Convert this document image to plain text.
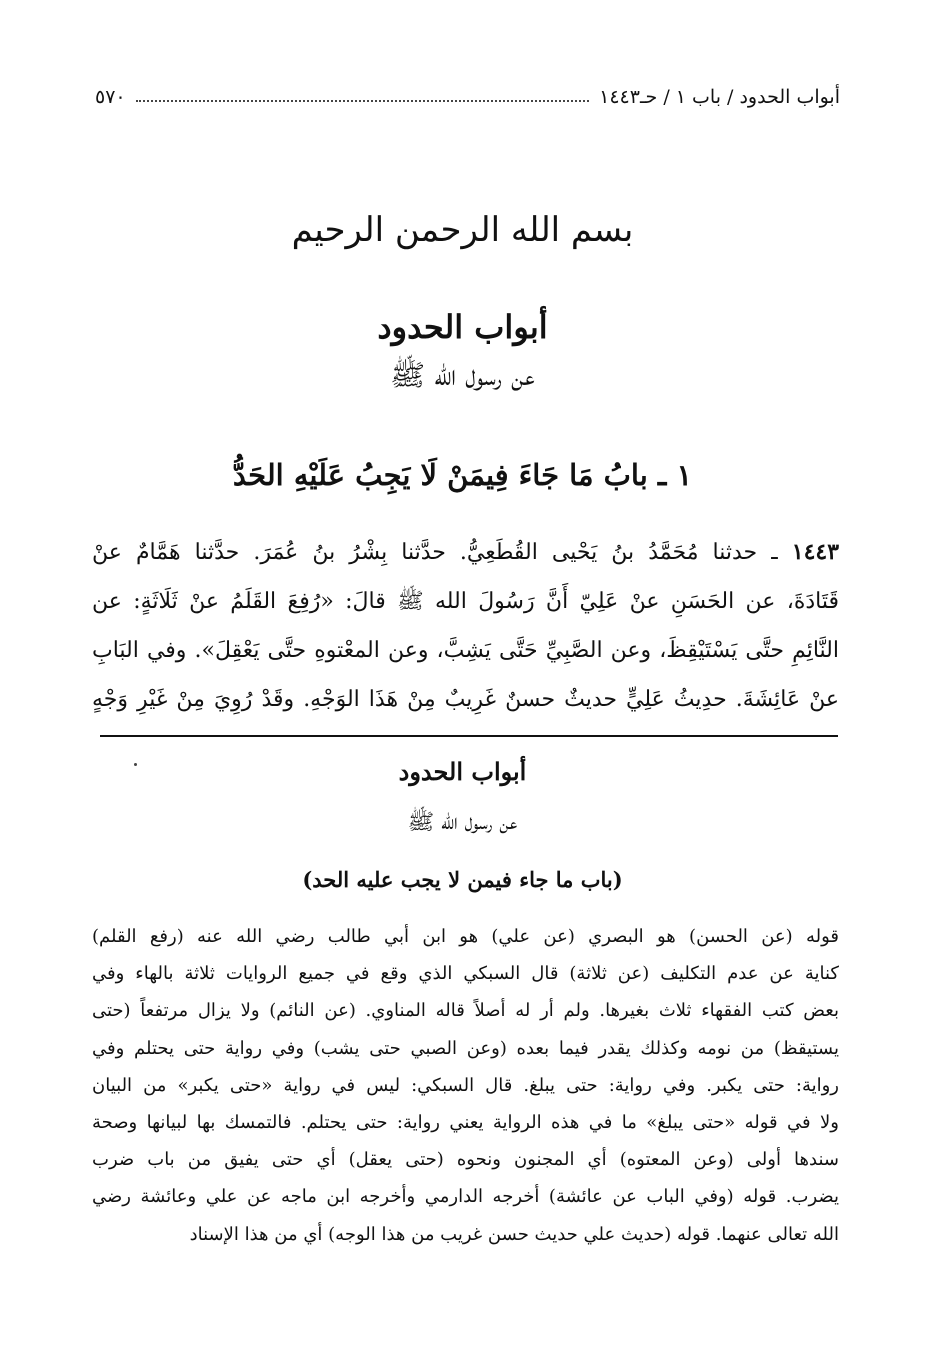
أبواب الحدود / باب ١ / حـ١٤٤٣
٥٧٠
بسم الله الرحمن الرحيم
أبواب الحدود
عن رسول الله ﷺ
١ ـ بابُ مَا جَاءَ فِيمَنْ لَا يَجِبُ عَلَيْهِ الحَدُّ
١٤٤٣ ـ حدثنا مُحَمَّدُ بنُ يَحْيى القُطَعِيُّ. حدَّثنا بِشْرُ بنُ عُمَرَ. حدَّثنا هَمَّامٌ عنْ
قَتَادَةَ، عن الحَسَنِ عنْ عَلِيّ أَنَّ رَسُولَ الله ﷺ قالَ: «رُفِعَ القَلَمُ عنْ ثَلَاثَةٍ: عن
النَّائِمِ حتَّى يَسْتَيْقِظَ، وعن الصَّبِيِّ حَتَّى يَشِبَّ، وعن المعْتوهِ حتَّى يَعْقِلَ». وفي البَابِ
عنْ عَائِشَةَ. حدِيثُ عَلِيٍّ حديثٌ حسنٌ غَرِيبٌ مِنْ هَذَا الوَجْهِ. وقَدْ رُوِيَ مِنْ غَيْرِ وَجْهٍ
أبواب الحدود
عن رسول الله ﷺ
(باب ما جاء فيمن لا يجب عليه الحد)
قوله (عن الحسن) هو البصري (عن علي) هو ابن أبي طالب رضي الله عنه (رفع القلم)
كناية عن عدم التكليف (عن ثلاثة) قال السبكي الذي وقع في جميع الروايات ثلاثة بالهاء وفي
بعض كتب الفقهاء ثلاث بغيرها. ولم أر له أصلاً قاله المناوي. (عن النائم) ولا يزال مرتفعاً (حتى
يستيقظ) من نومه وكذلك يقدر فيما بعده (وعن الصبي حتى يشب) وفي رواية حتى يحتلم وفي
رواية: حتى يكبر. وفي رواية: حتى يبلغ. قال السبكي: ليس في رواية «حتى يكبر» من البيان
ولا في قوله «حتى يبلغ» ما في هذه الرواية يعني رواية: حتى يحتلم. فالتمسك بها لبيانها وصحة
سندها أولى (وعن المعتوه) أي المجنون ونحوه (حتى يعقل) أي حتى يفيق من باب ضرب
يضرب. قوله (وفي الباب عن عائشة) أخرجه الدارمي وأخرجه ابن ماجه عن علي وعائشة رضي
الله تعالى عنهما. قوله (حديث علي حديث حسن غريب من هذا الوجه) أي من هذا الإسناد
